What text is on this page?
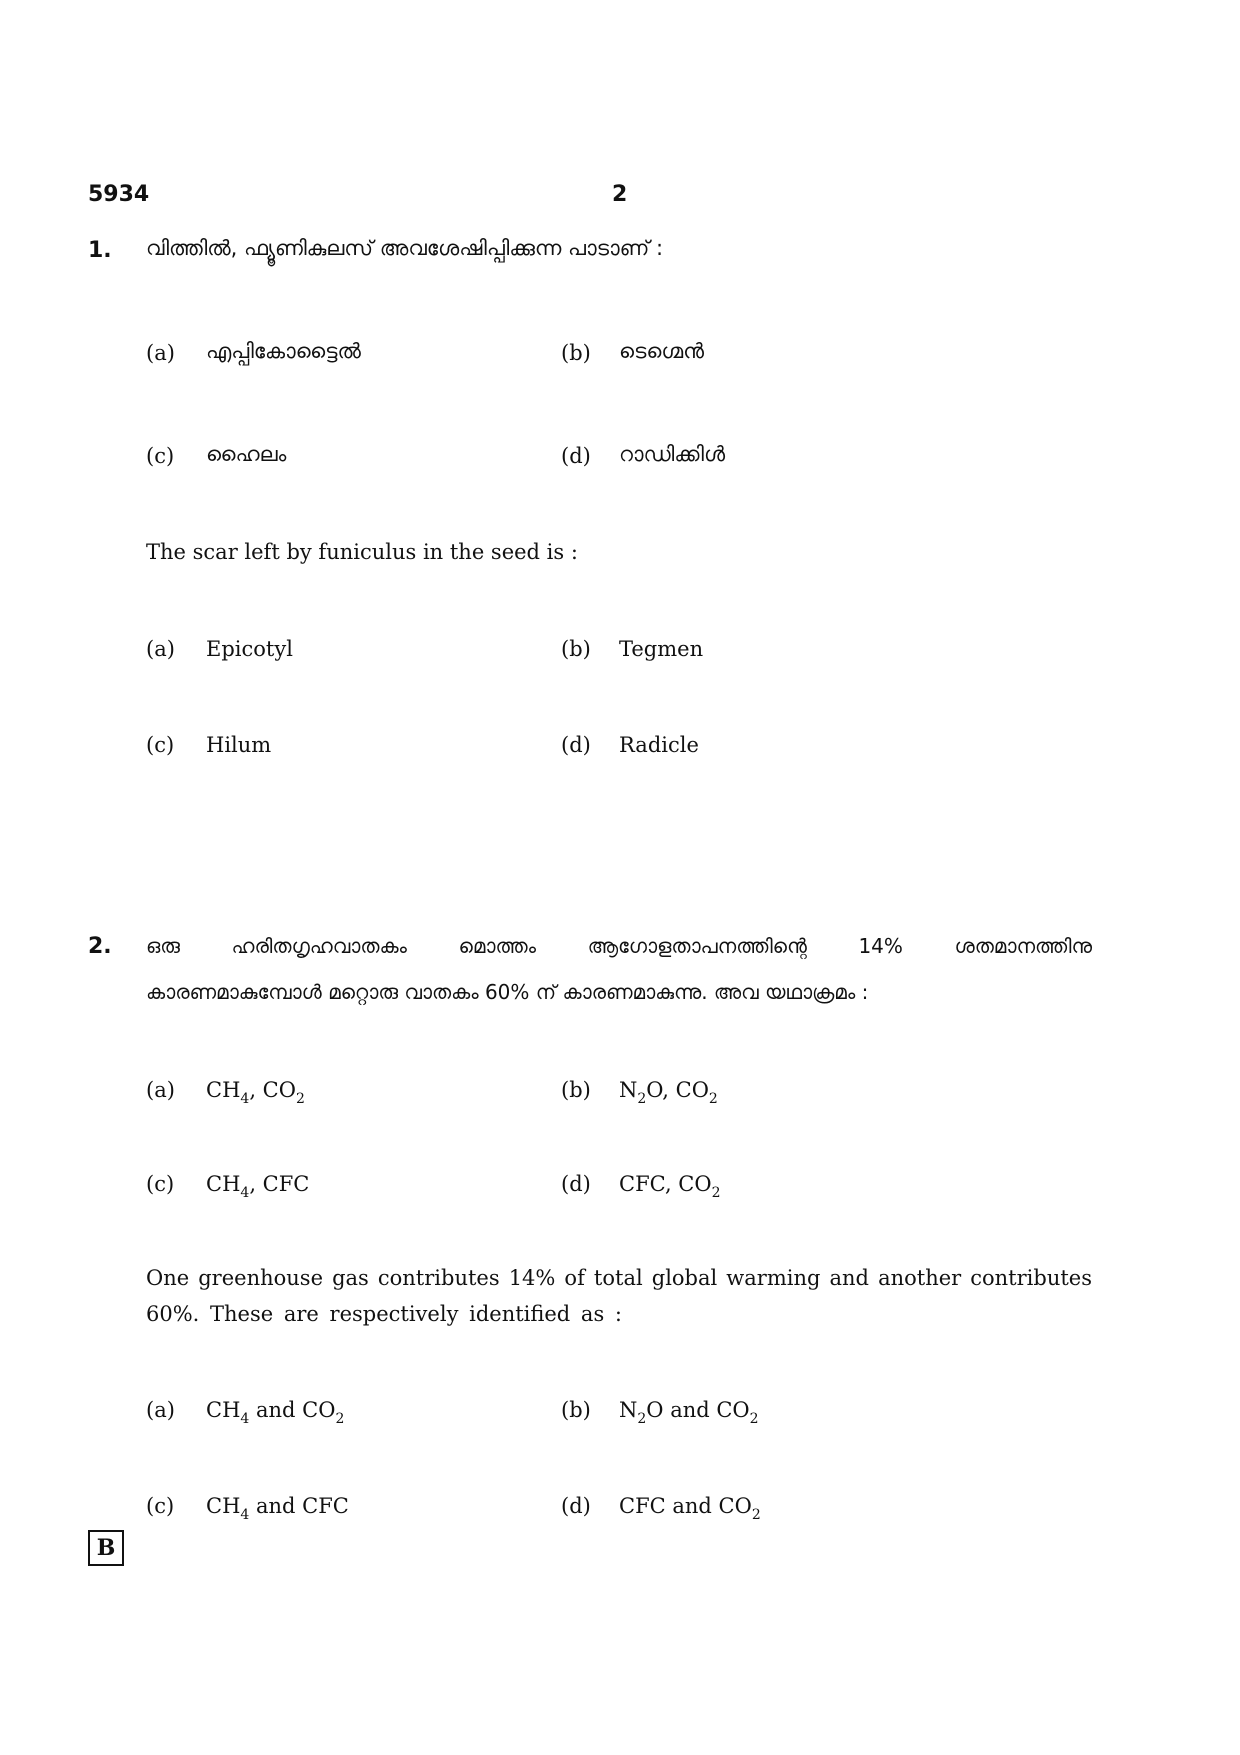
5934	2
1. വിത്തിൽ, ഫ്യൂണികുലസ് അവശേഷിപ്പിക്കുന്ന പാടാണ് :
(a) എപ്പികോട്ടൈൽ	(b) ടെഗ്മെൻ
(c) ഹൈലം	(d) റാഡിക്കിൾ
The scar left by funiculus in the seed is :
(a) Epicotyl	(b) Tegmen
(c) Hilum	(d) Radicle
2. ഒരു ഹരിതഗൃഹവാതകം മൊത്തം ആഗോളതാപനത്തിന്റെ 14% ശതമാനത്തിനു
കാരണമാകുമ്പോൾ മറ്റൊരു വാതകം 60% ന് കാരണമാകുന്നു. അവ യഥാക്രമം :
(a) $CH_4$, $CO_2$	(b) $N_2O$, $CO_2$
(c) $CH_4$, CFC	(d) CFC, $CO_2$
One greenhouse gas contributes 14% of total global warming and another contributes
60%. These are respectively identified as :
(a) $CH_4$ and $CO_2$	(b) $N_2O$ and $CO_2$
(c) $CH_4$ and CFC	(d) CFC and $CO_2$
B
